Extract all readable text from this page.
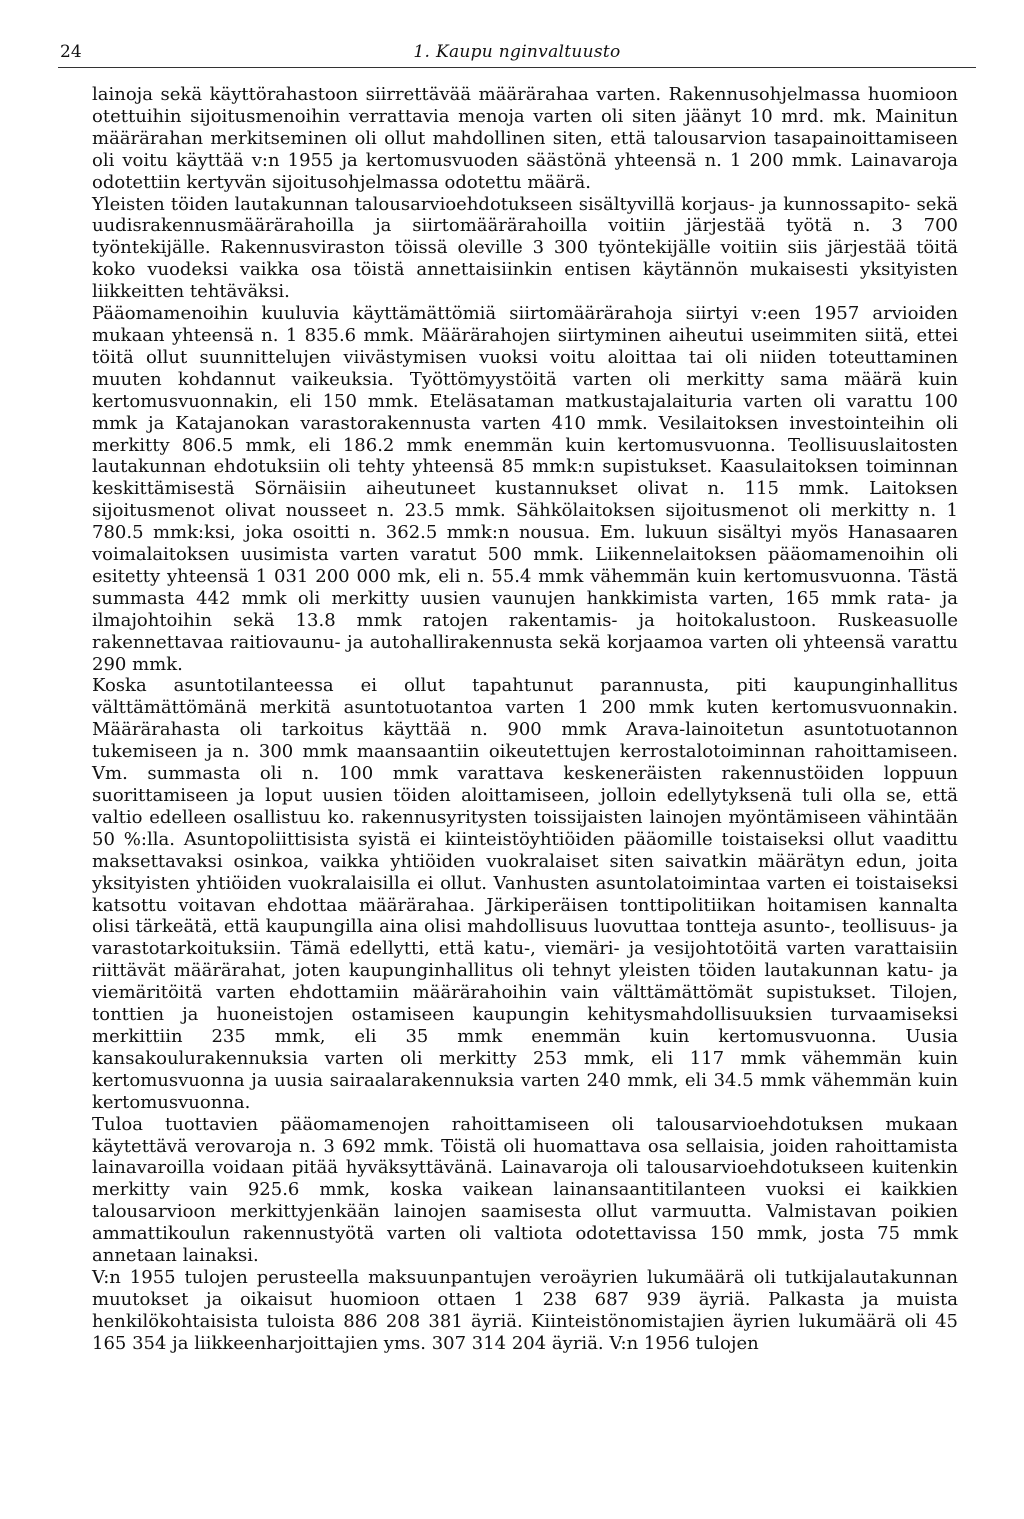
24	1. Kaupu nginvaltuusto

lainoja sekä käyttörahastoon siirrettävää määrärahaa varten. Rakennusohjelmassa huomioon otettuihin sijoitusmenoihin verrattavia menoja varten oli siten jäänyt 10 mrd. mk. Mainitun määrärahan merkitseminen oli ollut mahdollinen siten, että talousarvion tasapainoittamiseen oli voitu käyttää v:n 1955 ja kertomusvuoden säästönä yhteensä n. 1 200 mmk. Lainavaroja odotettiin kertyvän sijoitusohjelmassa odotettu määrä.

Yleisten töiden lautakunnan talousarvioehdotukseen sisältyvillä korjaus- ja kunnossapito- sekä uudisrakennusmäärärahoilla ja siirtomäärärahoilla voitiin järjestää työtä n. 3 700 työntekijälle. Rakennusviraston töissä oleville 3 300 työntekijälle voitiin siis järjestää töitä koko vuodeksi vaikka osa töistä annettaisiinkin entisen käytännön mukaisesti yksityisten liikkeitten tehtäväksi.

Pääomamenoihin kuuluvia käyttämättömiä siirtomäärärahoja siirtyi v:een 1957 arvioiden mukaan yhteensä n. 1 835.6 mmk. Määrärahojen siirtyminen aiheutui useimmiten siitä, ettei töitä ollut suunnittelujen viivästymisen vuoksi voitu aloittaa tai oli niiden toteuttaminen muuten kohdannut vaikeuksia. Työttömyystöitä varten oli merkitty sama määrä kuin kertomusvuonnakin, eli 150 mmk. Eteläsataman matkustajalaituria varten oli varattu 100 mmk ja Katajanokan varastorakennusta varten 410 mmk. Vesilaitoksen investointeihin oli merkitty 806.5 mmk, eli 186.2 mmk enemmän kuin kertomusvuonna. Teollisuuslaitosten lautakunnan ehdotuksiin oli tehty yhteensä 85 mmk:n supistukset. Kaasulaitoksen toiminnan keskittämisestä Sörnäisiin aiheutuneet kustannukset olivat n. 115 mmk. Laitoksen sijoitusmenot olivat nousseet n. 23.5 mmk. Sähkölaitoksen sijoitusmenot oli merkitty n. 1 780.5 mmk:ksi, joka osoitti n. 362.5 mmk:n nousua. Em. lukuun sisältyi myös Hanasaaren voimalaitoksen uusimista varten varatut 500 mmk. Liikennelaitoksen pääomamenoihin oli esitetty yhteensä 1 031 200 000 mk, eli n. 55.4 mmk vähemmän kuin kertomusvuonna. Tästä summasta 442 mmk oli merkitty uusien vaunujen hankkimista varten, 165 mmk rata- ja ilmajohtoihin sekä 13.8 mmk ratojen rakentamis- ja hoitokalustoon. Ruskeasuolle rakennettavaa raitiovaunu- ja autohallirakennusta sekä korjaamoa varten oli yhteensä varattu 290 mmk.

Koska asuntotilanteessa ei ollut tapahtunut parannusta, piti kaupunginhallitus välttämättömänä merkitä asuntotuotantoa varten 1 200 mmk kuten kertomusvuonnakin. Määrärahasta oli tarkoitus käyttää n. 900 mmk Arava-lainoitetun asuntotuotannon tukemiseen ja n. 300 mmk maansaantiin oikeutettujen kerrostalotoiminnan rahoittamiseen. Vm. summasta oli n. 100 mmk varattava keskeneräisten rakennustöiden loppuun suorittamiseen ja loput uusien töiden aloittamiseen, jolloin edellytyksenä tuli olla se, että valtio edelleen osallistuu ko. rakennusyritysten toissijaisten lainojen myöntämiseen vähintään 50 %:lla. Asuntopoliittisista syistä ei kiinteistöyhtiöiden pääomille toistaiseksi ollut vaadittu maksettavaksi osinkoa, vaikka yhtiöiden vuokralaiset siten saivatkin määrätyn edun, joita yksityisten yhtiöiden vuokralaisilla ei ollut. Vanhusten asuntolatoimintaa varten ei toistaiseksi katsottu voitavan ehdottaa määrärahaa. Järkiperäisen tonttipolitiikan hoitamisen kannalta olisi tärkeätä, että kaupungilla aina olisi mahdollisuus luovuttaa tontteja asunto-, teollisuus- ja varastotarkoituksiin. Tämä edellytti, että katu-, viemäri- ja vesijohtotöitä varten varattaisiin riittävät määrärahat, joten kaupunginhallitus oli tehnyt yleisten töiden lautakunnan katu- ja viemäritöitä varten ehdottamiin määrärahoihin vain välttämättömät supistukset. Tilojen, tonttien ja huoneistojen ostamiseen kaupungin kehitysmahdollisuuksien turvaamiseksi merkittiin 235 mmk, eli 35 mmk enemmän kuin kertomusvuonna. Uusia kansakoulurakennuksia varten oli merkitty 253 mmk, eli 117 mmk vähemmän kuin kertomusvuonna ja uusia sairaalarakennuksia varten 240 mmk, eli 34.5 mmk vähemmän kuin kertomusvuonna.

Tuloa tuottavien pääomamenojen rahoittamiseen oli talousarvioehdotuksen mukaan käytettävä verovaroja n. 3 692 mmk. Töistä oli huomattava osa sellaisia, joiden rahoittamista lainavaroilla voidaan pitää hyväksyttävänä. Lainavaroja oli talousarvioehdotukseen kuitenkin merkitty vain 925.6 mmk, koska vaikean lainansaantitilanteen vuoksi ei kaikkien talousarvioon merkittyjenkään lainojen saamisesta ollut varmuutta. Valmistavan poikien ammattikoulun rakennustyötä varten oli valtiota odotettavissa 150 mmk, josta 75 mmk annetaan lainaksi.

V:n 1955 tulojen perusteella maksuunpantujen veroäyrien lukumäärä oli tutkijalautakunnan muutokset ja oikaisut huomioon ottaen 1 238 687 939 äyriä. Palkasta ja muista henkilökohtaisista tuloista 886 208 381 äyriä. Kiinteistönomistajien äyrien lukumäärä oli 45 165 354 ja liikkeenharjoittajien yms. 307 314 204 äyriä. V:n 1956 tulojen
